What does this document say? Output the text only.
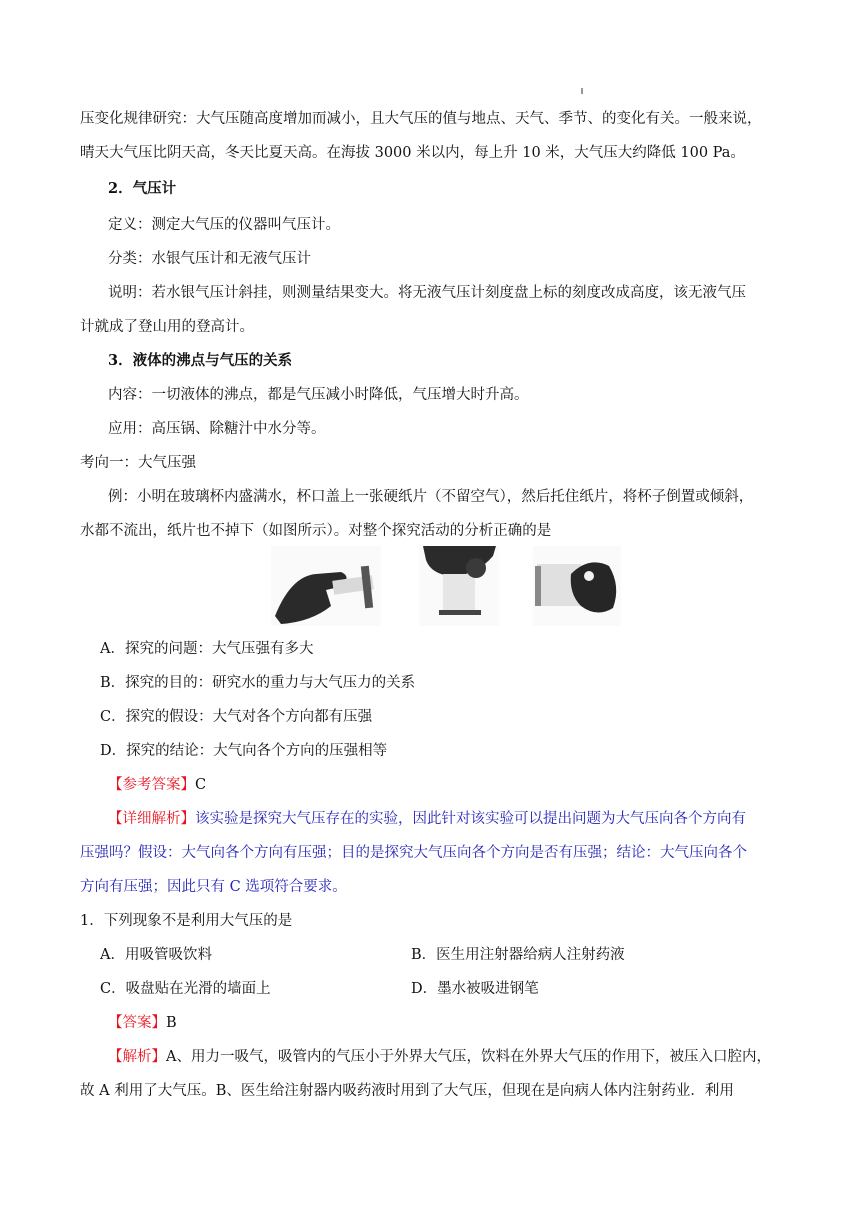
压变化规律研究：大气压随高度增加而减小，且大气压的值与地点、天气、季节、的变化有关。一般来说，
晴天大气压比阴天高，冬天比夏天高。在海拔 3000 米以内，每上升 10 米，大气压大约降低 100 Pa。
2．气压计
定义：测定大气压的仪器叫气压计。
分类：水银气压计和无液气压计
说明：若水银气压计斜挂，则测量结果变大。将无液气压计刻度盘上标的刻度改成高度，该无液气压
计就成了登山用的登高计。
3．液体的沸点与气压的关系
内容：一切液体的沸点，都是气压减小时降低，气压增大时升高。
应用：高压锅、除糖汁中水分等。
考向一：大气压强
例：小明在玻璃杯内盛满水，杯口盖上一张硬纸片（不留空气），然后托住纸片，将杯子倒置或倾斜，
水都不流出，纸片也不掉下（如图所示）。对整个探究活动的分析正确的是
A．探究的问题：大气压强有多大
B．探究的目的：研究水的重力与大气压力的关系
C．探究的假设：大气对各个方向都有压强
D．探究的结论：大气向各个方向的压强相等
【参考答案】C
【详细解析】该实验是探究大气压存在的实验，因此针对该实验可以提出问题为大气压向各个方向有
压强吗？假设：大气向各个方向有压强；目的是探究大气压向各个方向是否有压强；结论：大气压向各个
方向有压强；因此只有 C 选项符合要求。
1．下列现象不是利用大气压的是
A．用吸管吸饮料	B．医生用注射器给病人注射药液
C．吸盘贴在光滑的墙面上	D．墨水被吸进钢笔
【答案】B
【解析】A、用力一吸气，吸管内的气压小于外界大气压，饮料在外界大气压的作用下，被压入口腔内，
故 A 利用了大气压。B、医生给注射器内吸药液时用到了大气压，但现在是向病人体内注射药业．利用
